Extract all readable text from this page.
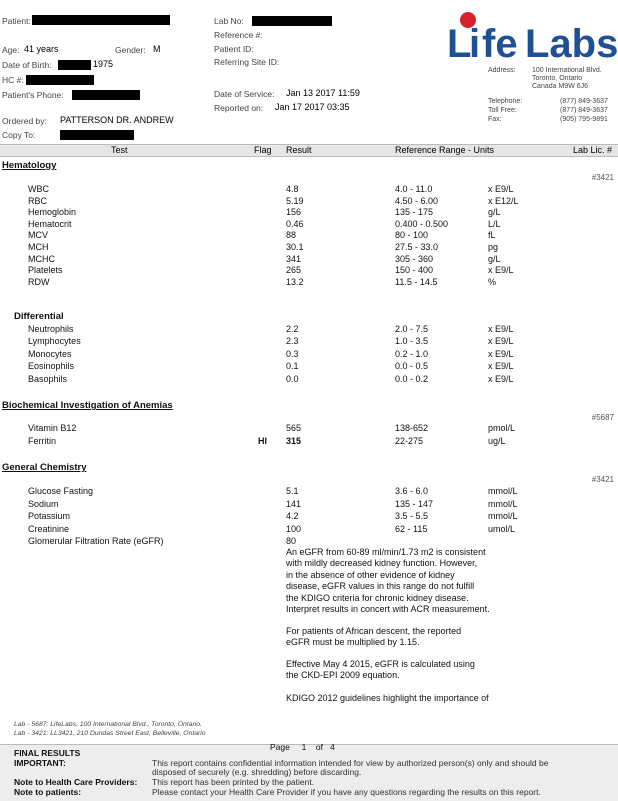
Patient:
Age: 41 years	Gender: M
Date of Birth:	1975
HC #:
Patient's Phone:
Ordered by: PATTERSON DR. ANDREW
Copy To:
Lab No:
Reference #:
Patient ID:
Referring Site ID:
Date of Service: Jan 13 2017 11:59
Reported on: Jan 17 2017 03:35
L
i fe Labs
Address: 100 International Blvd.
Toronto, Ontario
Canada M9W 6J6
Telephone:	(877) 849-3637
Toll Free:	(877) 849-3637
Fax:	(905) 795-9891
Test	Flag Result	Reference Range - Units	Lab Lic. #
Hematology
#3421
WBC	4.8	4.0 - 11.0	x E9/L
RBC	5.19	4.50 - 6.00	x E12/L
Hemoglobin	156	135 - 175	g/L
Hematocrit	0.46	0.400 - 0.500	L/L
MCV	88	80 - 100	fL
MCH	30.1	27.5 - 33.0	pg
MCHC	341	305 - 360	g/L
Platelets	265	150 - 400	x E9/L
RDW	13.2	11.5 - 14.5	%
Differential
Neutrophils	2.2	2.0 - 7.5	x E9/L
Lymphocytes	2.3	1.0 - 3.5	x E9/L
Monocytes	0.3	0.2 - 1.0	x E9/L
Eosinophils	0.1	0.0 - 0.5	x E9/L
Basophils	0.0	0.0 - 0.2	x E9/L
Biochemical Investigation of Anemias
#5687
Vitamin B12	565	138-652	pmol/L
Ferritin	HI 315	22-275	ug/L
General Chemistry
#3421
Glucose Fasting	5.1	3.6 - 6.0	mmol/L
Sodium	141	135 - 147	mmol/L
Potassium	4.2	3.5 - 5.5	mmol/L
Creatinine	100	62 - 115	umol/L
Glomerular Filtration Rate (eGFR)	80
An eGFR from 60-89 ml/min/1.73 m2 is consistent
with mildly decreased kidney function. However,
in the absence of other evidence of kidney
disease, eGFR values in this range do not fulfill
the KDIGO criteria for chronic kidney disease.
Interpret results in concert with ACR measurement.
For patients of African descent, the reported
eGFR must be multiplied by 1.15.
Effective May 4 2015, eGFR is calculated using
the CKD-EPI 2009 equation.
KDIGO 2012 guidelines highlight the importance of
Lab - 5687: LifeLabs, 100 International Blvd., Toronto, Ontario.
Lab - 3421: LL3421, 210 Dundas Street East, Belleville, Ontario
FINAL RESULTS
Page 1 of 4
IMPORTANT:	This report contains confidential information intended for view by authorized person(s) only and should be
disposed of securely (e.g. shredding) before discarding.
Note to Health Care Providers: This report has been printed by the patient.
Note to patients:	Please contact your Health Care Provider if you have any questions regarding the results on this report.
